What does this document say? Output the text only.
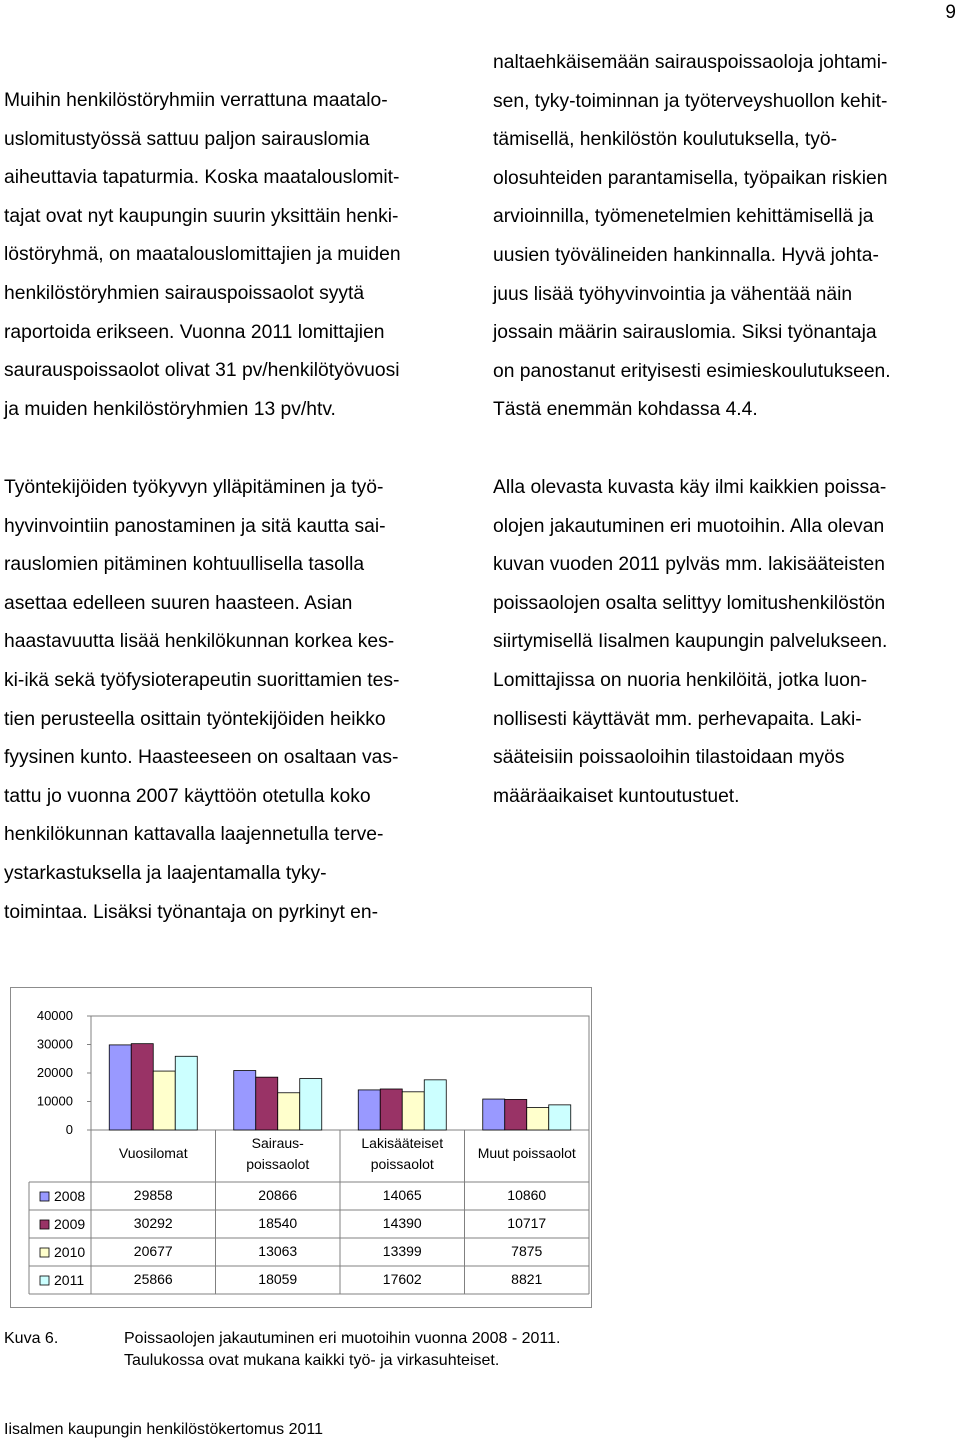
9

Muihin henkilöstöryhmiin verrattuna maatalo-

uslomitustyössä sattuu paljon sairauslomia

aiheuttavia tapaturmia. Koska maatalouslomit-

tajat ovat nyt kaupungin suurin yksittäin henki-

löstöryhmä, on maatalouslomittajien ja muiden

henkilöstöryhmien sairauspoissaolot syytä

raportoida erikseen. Vuonna 2011 lomittajien

saurauspoissaolot olivat 31 pv/henkilötyövuosi

ja muiden henkilöstöryhmien 13 pv/htv.

naltaehkäisemään sairauspoissaoloja johtami-

sen, tyky-toiminnan ja työterveyshuollon kehit-

tämisellä, henkilöstön koulutuksella, työ-

olosuhteiden parantamisella, työpaikan riskien

arvioinnilla, työmenetelmien kehittämisellä ja

uusien työvälineiden hankinnalla. Hyvä johta-

juus lisää työhyvinvointia ja vähentää näin

jossain määrin sairauslomia. Siksi työnantaja

on panostanut erityisesti esimieskoulutukseen.

Tästä enemmän kohdassa 4.4.

Työntekijöiden työkyvyn ylläpitäminen ja työ-

hyvinvointiin panostaminen ja sitä kautta sai-

rauslomien pitäminen kohtuullisella tasolla

asettaa edelleen suuren haasteen. Asian

haastavuutta lisää henkilökunnan korkea kes-

ki-ikä sekä työfysioterapeutin suorittamien tes-

tien perusteella osittain työntekijöiden heikko

fyysinen kunto. Haasteeseen on osaltaan vas-

tattu jo vuonna 2007 käyttöön otetulla koko

henkilökunnan kattavalla laajennetulla terve-

ystarkastuksella ja laajentamalla tyky-

toimintaa. Lisäksi työnantaja on pyrkinyt en-

Alla olevasta kuvasta käy ilmi kaikkien poissa-

olojen jakautuminen eri muotoihin. Alla olevan

kuvan vuoden 2011 pylväs mm. lakisääteisten

poissaolojen osalta selittyy lomitushenkilöstön

siirtymisellä Iisalmen kaupungin palvelukseen.

Lomittajissa on nuoria henkilöitä, jotka luon-

nollisesti käyttävät mm. perhevapaita. Laki-

sääteisiin poissaoloihin tilastoidaan myös

määräaikaiset kuntoutustuet.

40000
30000
20000
10000
0
Vuosilomat
Sairaus-
poissaolot
Lakisääteiset
poissaolot
Muut poissaolot
2008	29858	20866	14065	10860
2009	30292	18540	14390	10717
2010	20677	13063	13399	7875
2011	25866	18059	17602	8821
Kuva 6.	Poissaolojen jakautuminen eri muotoihin vuonna 2008 - 2011.
Taulukossa ovat mukana kaikki työ- ja virkasuhteiset.
Iisalmen kaupungin henkilöstökertomus 2011
